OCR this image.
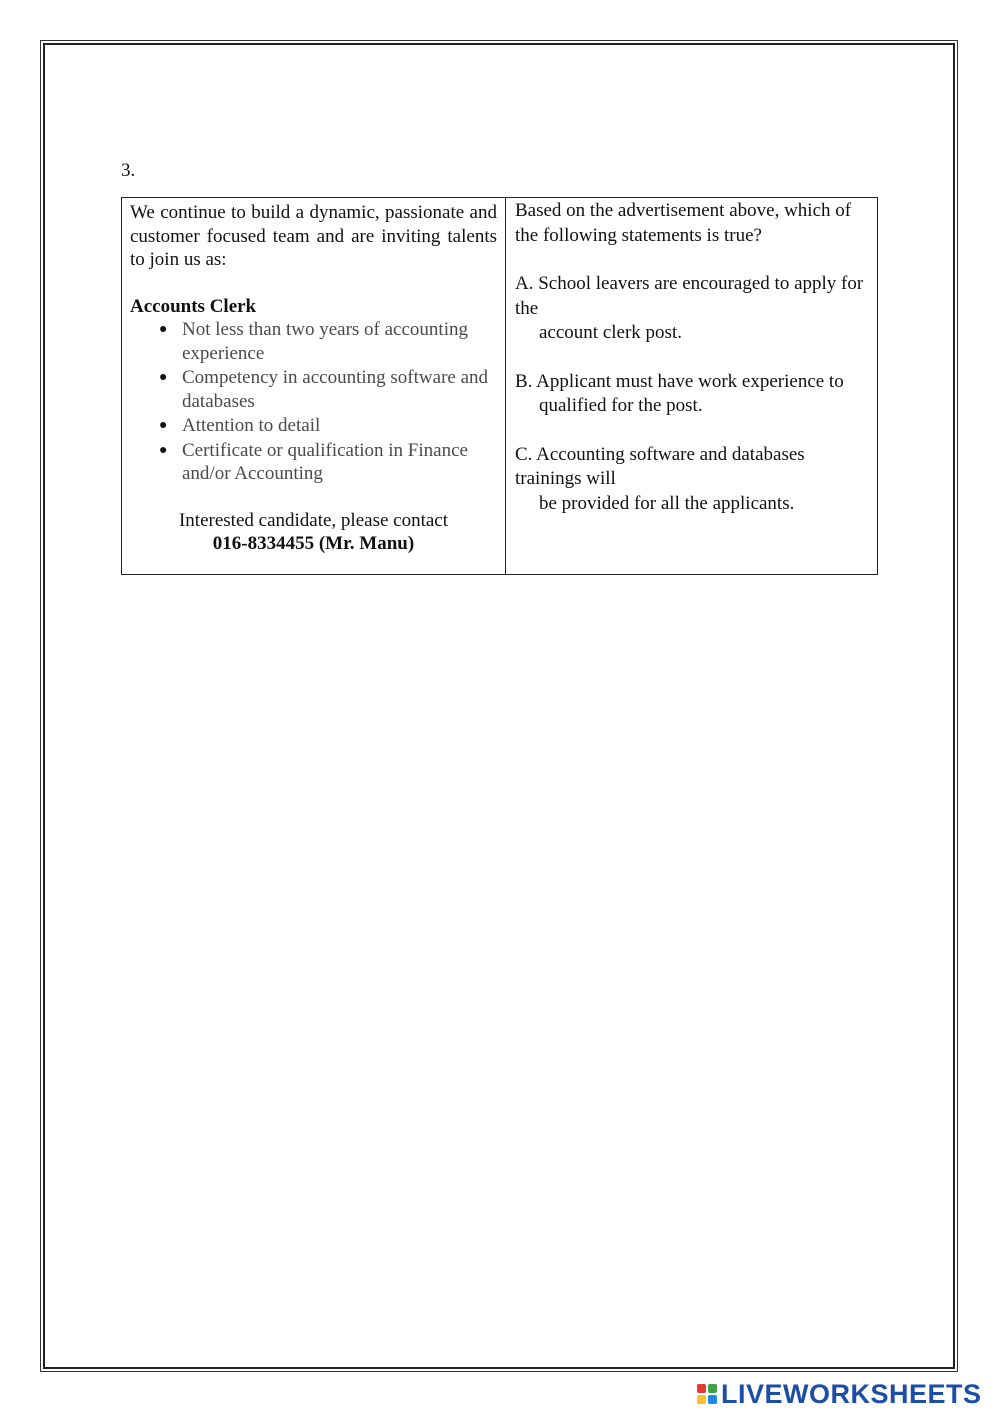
3.

We continue to build a dynamic, passionate and customer focused team and are inviting talents to join us as:

Accounts Clerk
● Not less than two years of accounting experience
● Competency in accounting software and databases
● Attention to detail
● Certificate or qualification in Finance and/or Accounting
Interested candidate, please contact
016-8334455 (Mr. Manu)
Based on the advertisement above, which of the following statements is true?
A. School leavers are encouraged to apply for the
account clerk post.
B. Applicant must have work experience to
qualified for the post.
C. Accounting software and databases trainings will
be provided for all the applicants.
LIVEWORKSHEETS
